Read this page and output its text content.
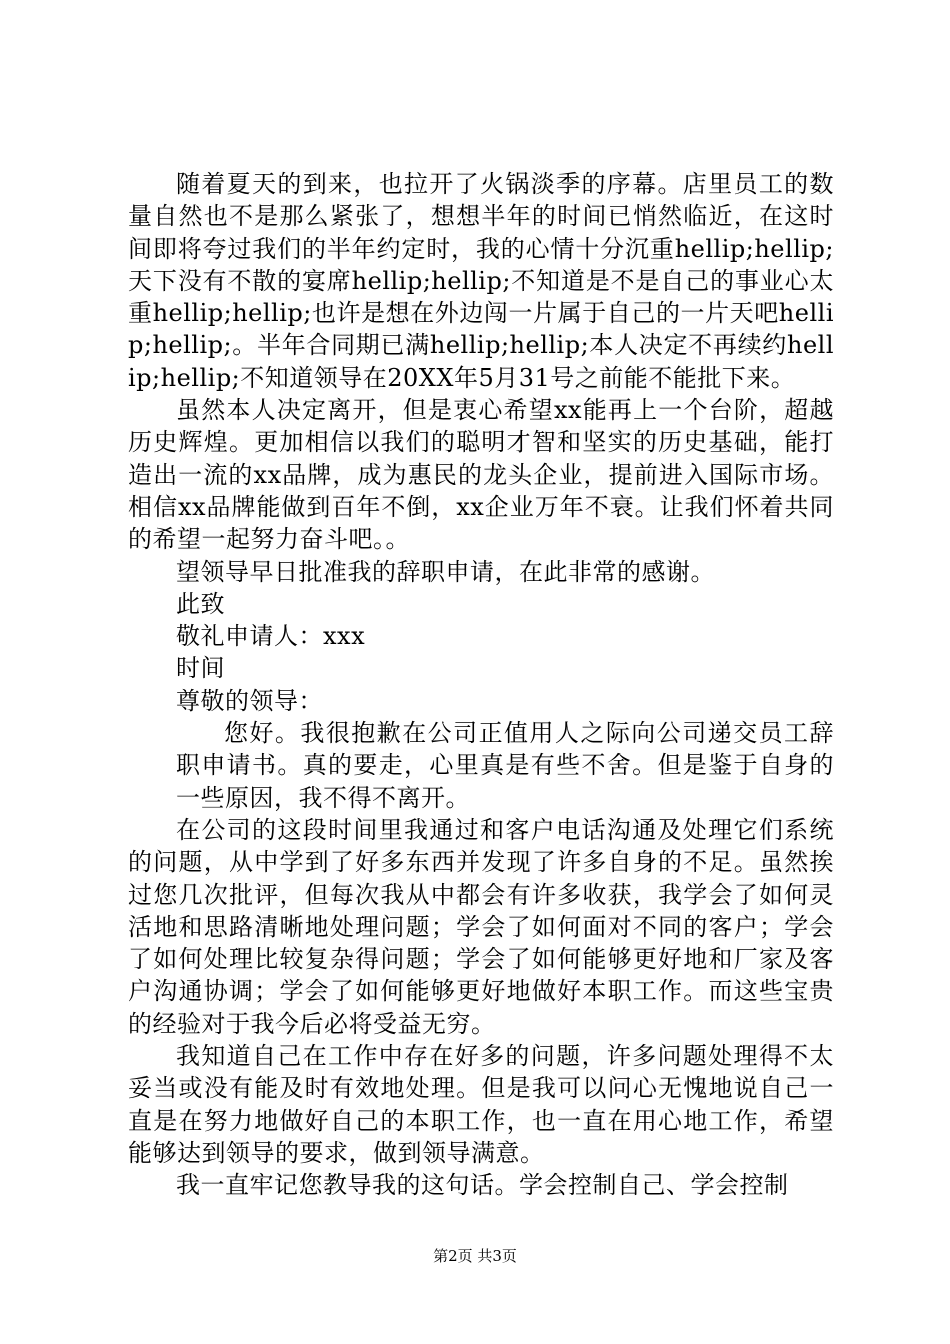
随着夏天的到来，也拉开了火锅淡季的序幕。店里员工的数量自然也不是那么紧张了，想想半年的时间已悄然临近，在这时间即将夸过我们的半年约定时，我的心情十分沉重hellip;hellip;天下没有不散的宴席hellip;hellip;不知道是不是自己的事业心太重hellip;hellip;也许是想在外边闯一片属于自己的一片天吧hellip;hellip;。半年合同期已满hellip;hellip;本人决定不再续约hellip;hellip;不知道领导在20XX年5月31号之前能不能批下来。

虽然本人决定离开，但是衷心希望xx能再上一个台阶，超越历史辉煌。更加相信以我们的聪明才智和坚实的历史基础，能打造出一流的xx品牌，成为惠民的龙头企业，提前进入国际市场。相信xx品牌能做到百年不倒，xx企业万年不衰。让我们怀着共同的希望一起努力奋斗吧。。

望领导早日批准我的辞职申请，在此非常的感谢。

此致

敬礼申请人：xxx

时间

尊敬的领导：

您好。我很抱歉在公司正值用人之际向公司递交员工辞职申请书。真的要走，心里真是有些不舍。但是鉴于自身的一些原因，我不得不离开。

在公司的这段时间里我通过和客户电话沟通及处理它们系统的问题，从中学到了好多东西并发现了许多自身的不足。虽然挨过您几次批评，但每次我从中都会有许多收获，我学会了如何灵活地和思路清晰地处理问题；学会了如何面对不同的客户；学会了如何处理比较复杂得问题；学会了如何能够更好地和厂家及客户沟通协调；学会了如何能够更好地做好本职工作。而这些宝贵的经验对于我今后必将受益无穷。

我知道自己在工作中存在好多的问题，许多问题处理得不太妥当或没有能及时有效地处理。但是我可以问心无愧地说自己一直是在努力地做好自己的本职工作，也一直在用心地工作，希望能够达到领导的要求，做到领导满意。

我一直牢记您教导我的这句话。学会控制自己、学会控制

第2页 共3页
